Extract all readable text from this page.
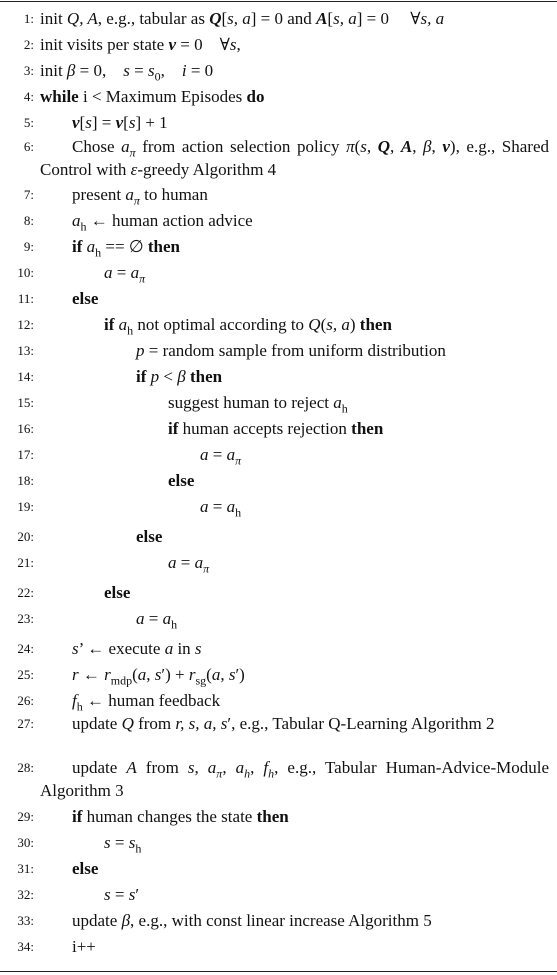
1: init Q, A, e.g., tabular as Q[s, a] = 0 and A[s, a] = 0     ∀s, a
2: init visits per state ν = 0    ∀s,
3: init β = 0,    $s = s_0$,    i = 0
4: while i < Maximum Episodes do
5: ν[s] = ν[s] + 1
6:	Chose $a_\pi$ from action selection policy π(s, Q, A, β, ν), e.g., Shared Control with ε-greedy Algorithm 4
7: present $a_\pi$ to human
8: $a_h$ ← human action advice
9: if $a_h$ == ∅ then
10:	$a = a_\pi$
11: else
12:	if $a_h$ not optimal according to Q(s, a) then
13:	p = random sample from uniform distribution
14:	if p < β then
15:	suggest human to reject $a_h$
16:	if human accepts rejection then
17:	$a = a_\pi$
18:	else
19:	$a = a_h$
20:	else
21:	$a = a_\pi$
22:	else
23:	$a = a_h$
24: s’ ← execute a in s
25: r ← $r_{mdp}(a$, $s') + r_{sg}(a$, s′)
26: $f_h$ ← human feedback
27:	update Q from r, s, a, s′, e.g., Tabular Q-Learning Algorithm 2
28:	update A from s, $a_\pi$, $a_h$, $f_h$, e.g., Tabular Human-Advice-Module Algorithm 3
29: if human changes the state then
30:	$s = s_h$
31: else
32:	s = s′
33: update β, e.g., with const linear increase Algorithm 5
34: i++
